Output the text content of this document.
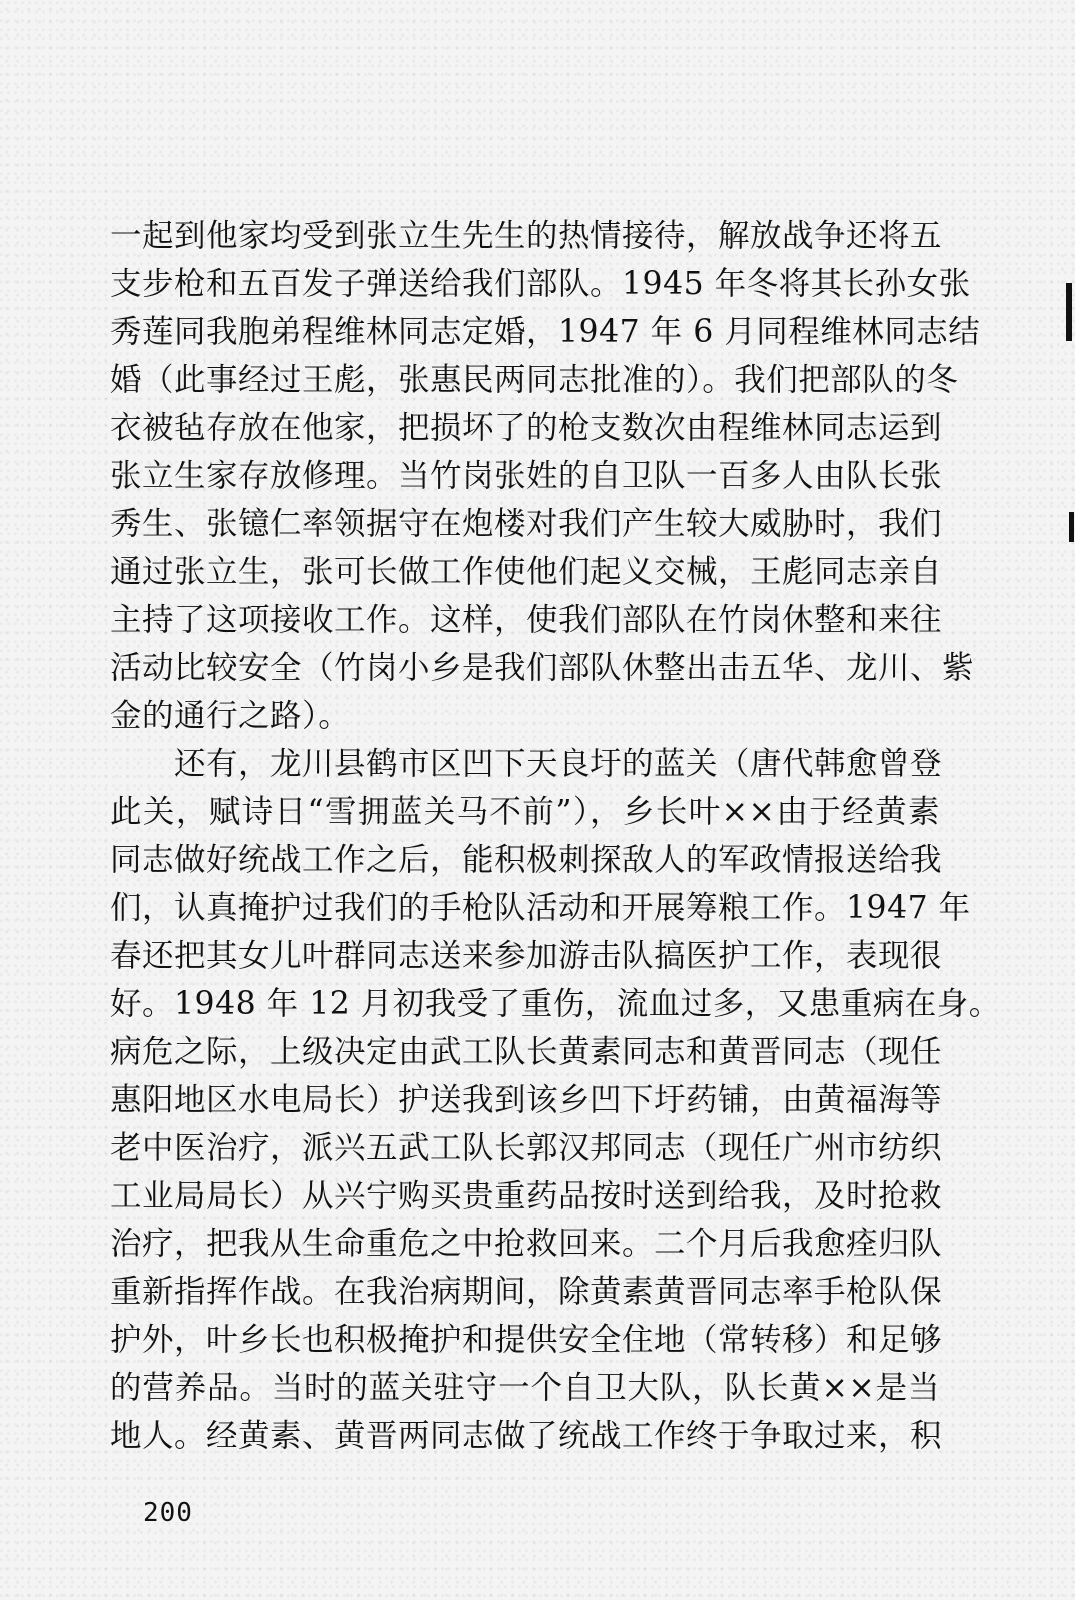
一起到他家均受到张立生先生的热情接待，解放战争还将五
支步枪和五百发子弹送给我们部队。1945 年冬将其长孙女张
秀莲同我胞弟程维林同志定婚，1947 年 6 月同程维林同志结
婚（此事经过王彪，张惠民两同志批准的）。我们把部队的冬
衣被毡存放在他家，把损坏了的枪支数次由程维林同志运到
张立生家存放修理。当竹岗张姓的自卫队一百多人由队长张
秀生、张镱仁率领据守在炮楼对我们产生较大威胁时，我们
通过张立生，张可长做工作使他们起义交械，王彪同志亲自
主持了这项接收工作。这样，使我们部队在竹岗休整和来往
活动比较安全（竹岗小乡是我们部队休整出击五华、龙川、紫
金的通行之路）。
还有，龙川县鹤市区凹下天良圩的蓝关（唐代韩愈曾登
此关，赋诗日“雪拥蓝关马不前”），乡长叶××由于经黄素
同志做好统战工作之后，能积极刺探敌人的军政情报送给我
们，认真掩护过我们的手枪队活动和开展筹粮工作。1947 年
春还把其女儿叶群同志送来参加游击队搞医护工作，表现很
好。1948 年 12 月初我受了重伤，流血过多，又患重病在身。
病危之际，上级决定由武工队长黄素同志和黄晋同志（现任
惠阳地区水电局长）护送我到该乡凹下圩药铺，由黄福海等
老中医治疗，派兴五武工队长郭汉邦同志（现任广州市纺织
工业局局长）从兴宁购买贵重药品按时送到给我，及时抢救
治疗，把我从生命重危之中抢救回来。二个月后我愈痊归队
重新指挥作战。在我治病期间，除黄素黄晋同志率手枪队保
护外，叶乡长也积极掩护和提供安全住地（常转移）和足够
的营养品。当时的蓝关驻守一个自卫大队，队长黄××是当
地人。经黄素、黄晋两同志做了统战工作终于争取过来，积
200
